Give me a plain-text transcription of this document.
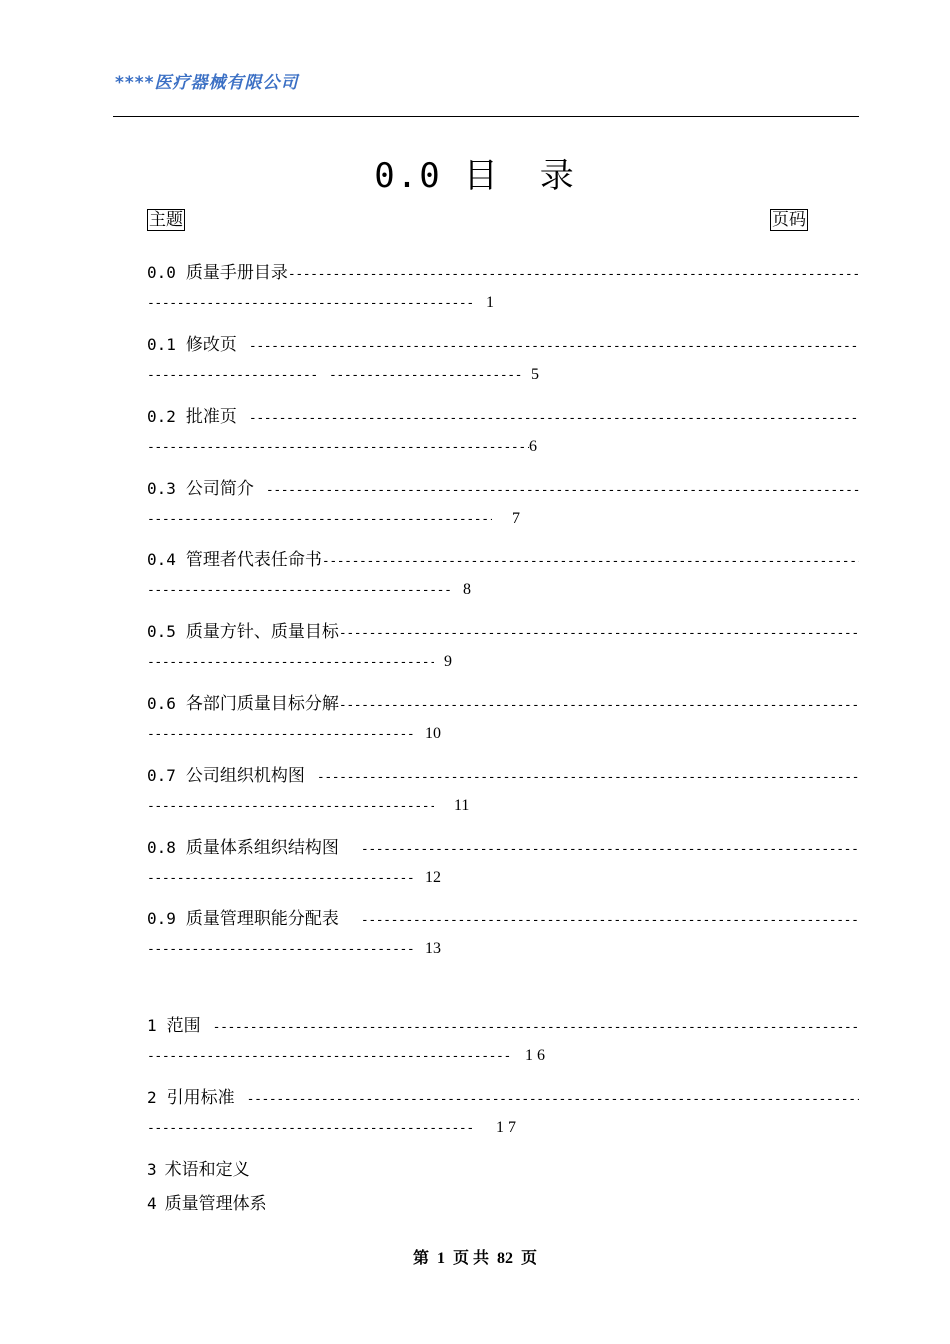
****医疗器械有限公司
0.0 目 录
主题	页码
0.0 质量手册目录
-----
-----
1
0.1 修改页
-----
-----
-----
5
0.2 批准页
-----
-----
6
0.3 公司简介
-----
-----
7
0.4 管理者代表任命书
-----
-----
8
0.5 质量方针、质量目标
-----
-----
9
0.6 各部门质量目标分解
-----
-----
10
0.7 公司组织机构图
-----
-----
11
0.8 质量体系组织结构图
-----
-----
12
0.9 质量管理职能分配表
-----
-----
13
1 范围
-----
-----
1 6
2 引用标准
-----
-----
1 7
3 术语和定义
4 质量管理体系
第 1 页 共 82 页
